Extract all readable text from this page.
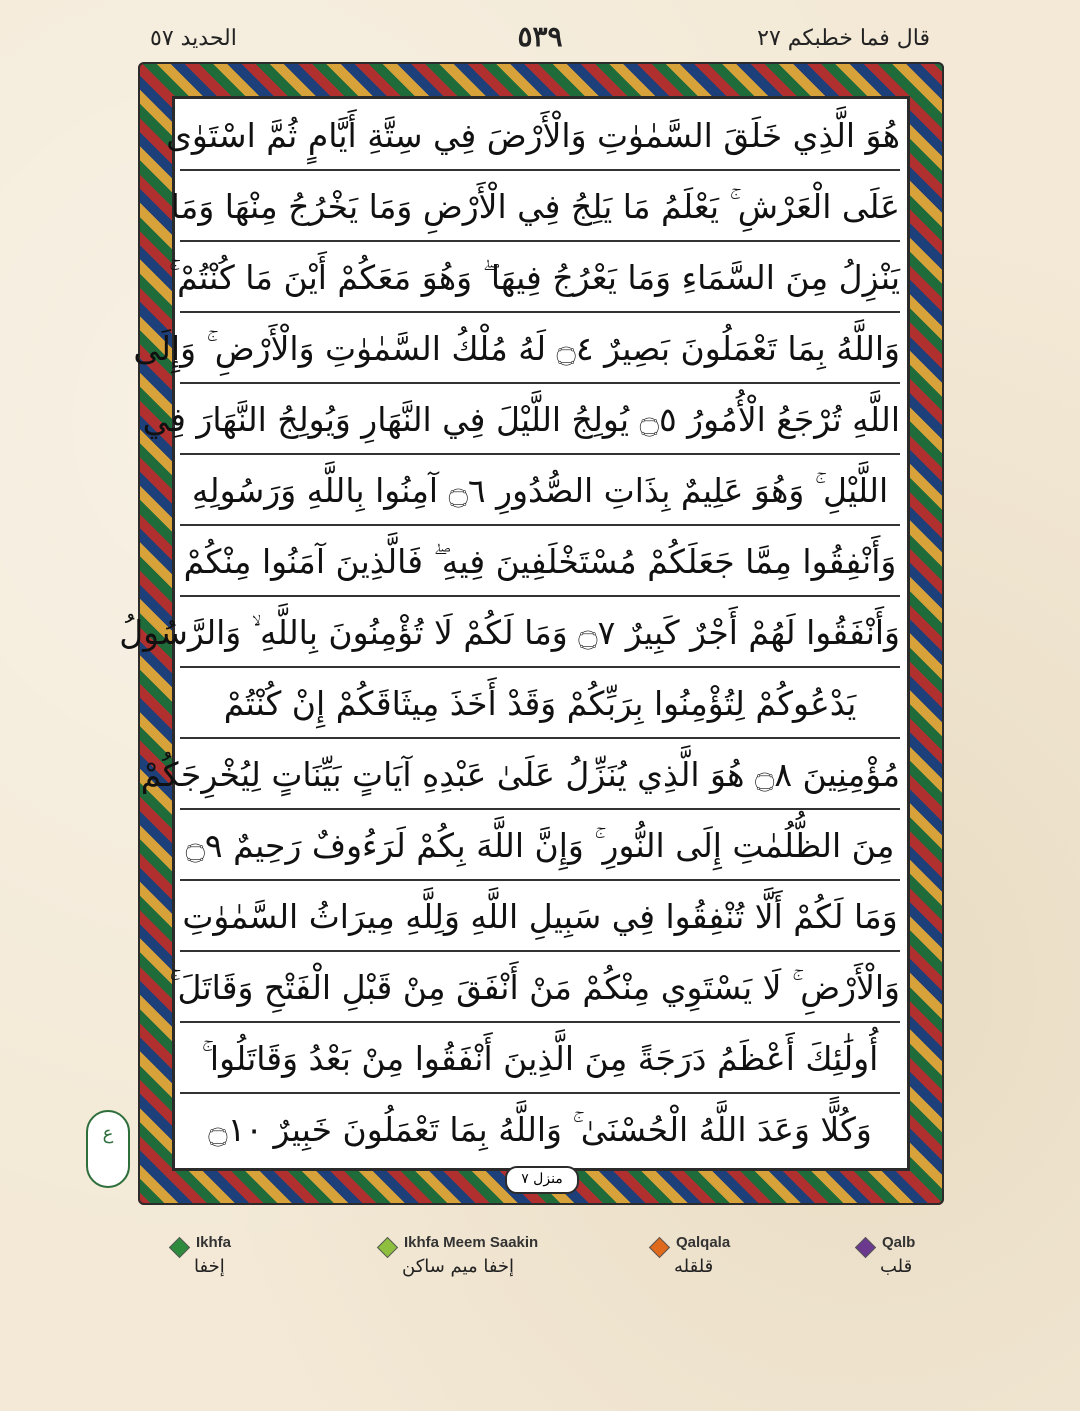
قال فما خطبكم ٢٧
٥٣٩
الحديد ٥٧
هُوَ الَّذِي خَلَقَ السَّمٰوٰتِ وَالْأَرْضَ فِي سِتَّةِ أَيَّامٍ ثُمَّ اسْتَوٰى
عَلَى الْعَرْشِ ۚ يَعْلَمُ مَا يَلِجُ فِي الْأَرْضِ وَمَا يَخْرُجُ مِنْهَا وَمَا
يَنْزِلُ مِنَ السَّمَاءِ وَمَا يَعْرُجُ فِيهَا ۖ وَهُوَ مَعَكُمْ أَيْنَ مَا كُنْتُمْ ۚ
وَاللَّهُ بِمَا تَعْمَلُونَ بَصِيرٌ ۝٤ لَهُ مُلْكُ السَّمٰوٰتِ وَالْأَرْضِ ۚ وَإِلَى
اللَّهِ تُرْجَعُ الْأُمُورُ ۝٥ يُولِجُ اللَّيْلَ فِي النَّهَارِ وَيُولِجُ النَّهَارَ فِي
اللَّيْلِ ۚ وَهُوَ عَلِيمٌ بِذَاتِ الصُّدُورِ ۝٦ آمِنُوا بِاللَّهِ وَرَسُولِهِ
وَأَنْفِقُوا مِمَّا جَعَلَكُمْ مُسْتَخْلَفِينَ فِيهِ ۖ فَالَّذِينَ آمَنُوا مِنْكُمْ
وَأَنْفَقُوا لَهُمْ أَجْرٌ كَبِيرٌ ۝٧ وَمَا لَكُمْ لَا تُؤْمِنُونَ بِاللَّهِ ۙ وَالرَّسُولُ
يَدْعُوكُمْ لِتُؤْمِنُوا بِرَبِّكُمْ وَقَدْ أَخَذَ مِيثَاقَكُمْ إِنْ كُنْتُمْ
مُؤْمِنِينَ ۝٨ هُوَ الَّذِي يُنَزِّلُ عَلَىٰ عَبْدِهِ آيَاتٍ بَيِّنَاتٍ لِيُخْرِجَكُمْ
مِنَ الظُّلُمٰتِ إِلَى النُّورِ ۚ وَإِنَّ اللَّهَ بِكُمْ لَرَءُوفٌ رَحِيمٌ ۝٩
وَمَا لَكُمْ أَلَّا تُنْفِقُوا فِي سَبِيلِ اللَّهِ وَلِلَّهِ مِيرَاثُ السَّمٰوٰتِ
وَالْأَرْضِ ۚ لَا يَسْتَوِي مِنْكُمْ مَنْ أَنْفَقَ مِنْ قَبْلِ الْفَتْحِ وَقَاتَلَ ۚ
أُولَٰئِكَ أَعْظَمُ دَرَجَةً مِنَ الَّذِينَ أَنْفَقُوا مِنْ بَعْدُ وَقَاتَلُوا ۚ
وَكُلًّا وَعَدَ اللَّهُ الْحُسْنَىٰ ۚ وَاللَّهُ بِمَا تَعْمَلُونَ خَبِيرٌ ۝١٠
ع
منزل ٧
Ikhfa
إخفا
Ikhfa Meem Saakin
إخفا ميم ساكن
Qalqala
قلقله
Qalb
قلب
